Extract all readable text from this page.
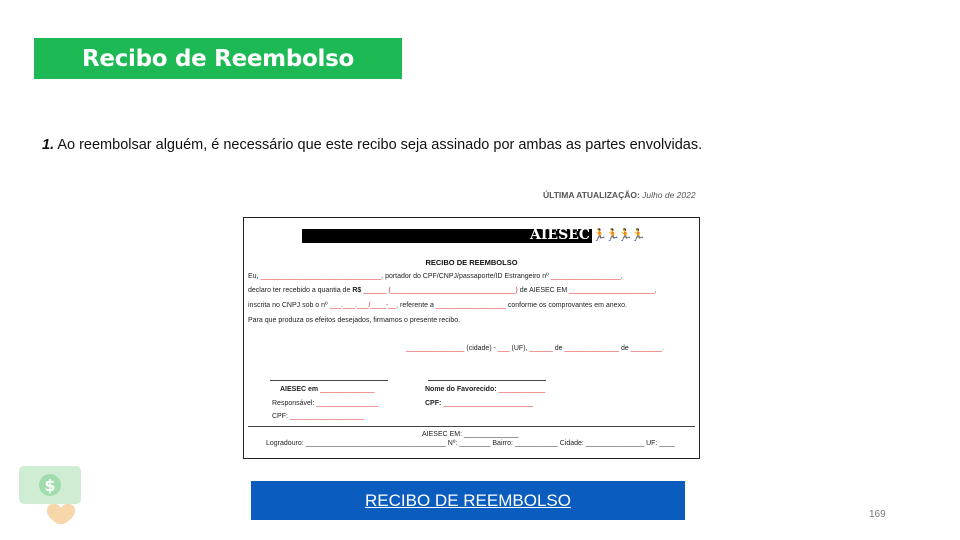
Recibo de Reembolso
1. Ao reembolsar alguém, é necessário que este recibo seja assinado por ambas as partes envolvidas.
ÚLTIMA ATUALIZAÇÃO: Julho de 2022
AIESEC 🏃🏃🏃🏃
RECIBO DE REEMBOLSO
Eu, _______________________________, portador do CPF/CNPJ/passaporte/ID Estrangeiro nº __________________,
declaro ter recebido a quantia de R$ ______ (________________________________) de AIESEC EM ______________________,
inscrita no CNPJ sob o nº ___.___.___/____-__, referente a __________________ conforme os comprovantes em anexo.
Para que produza os efeitos desejados, firmamos o presente recibo.
_______________ (cidade) - ___ (UF), ______ de ______________ de ________.
AIESEC em ______________
Responsável: ________________
CPF: ___________________
Nome do Favorecido: ____________
CPF: _______________________
AIESEC EM: ______________
Logradouro: ____________________________________ Nº: ________ Bairro: ___________ Cidade: _______________ UF: ____
RECIBO DE REEMBOLSO
169
$
